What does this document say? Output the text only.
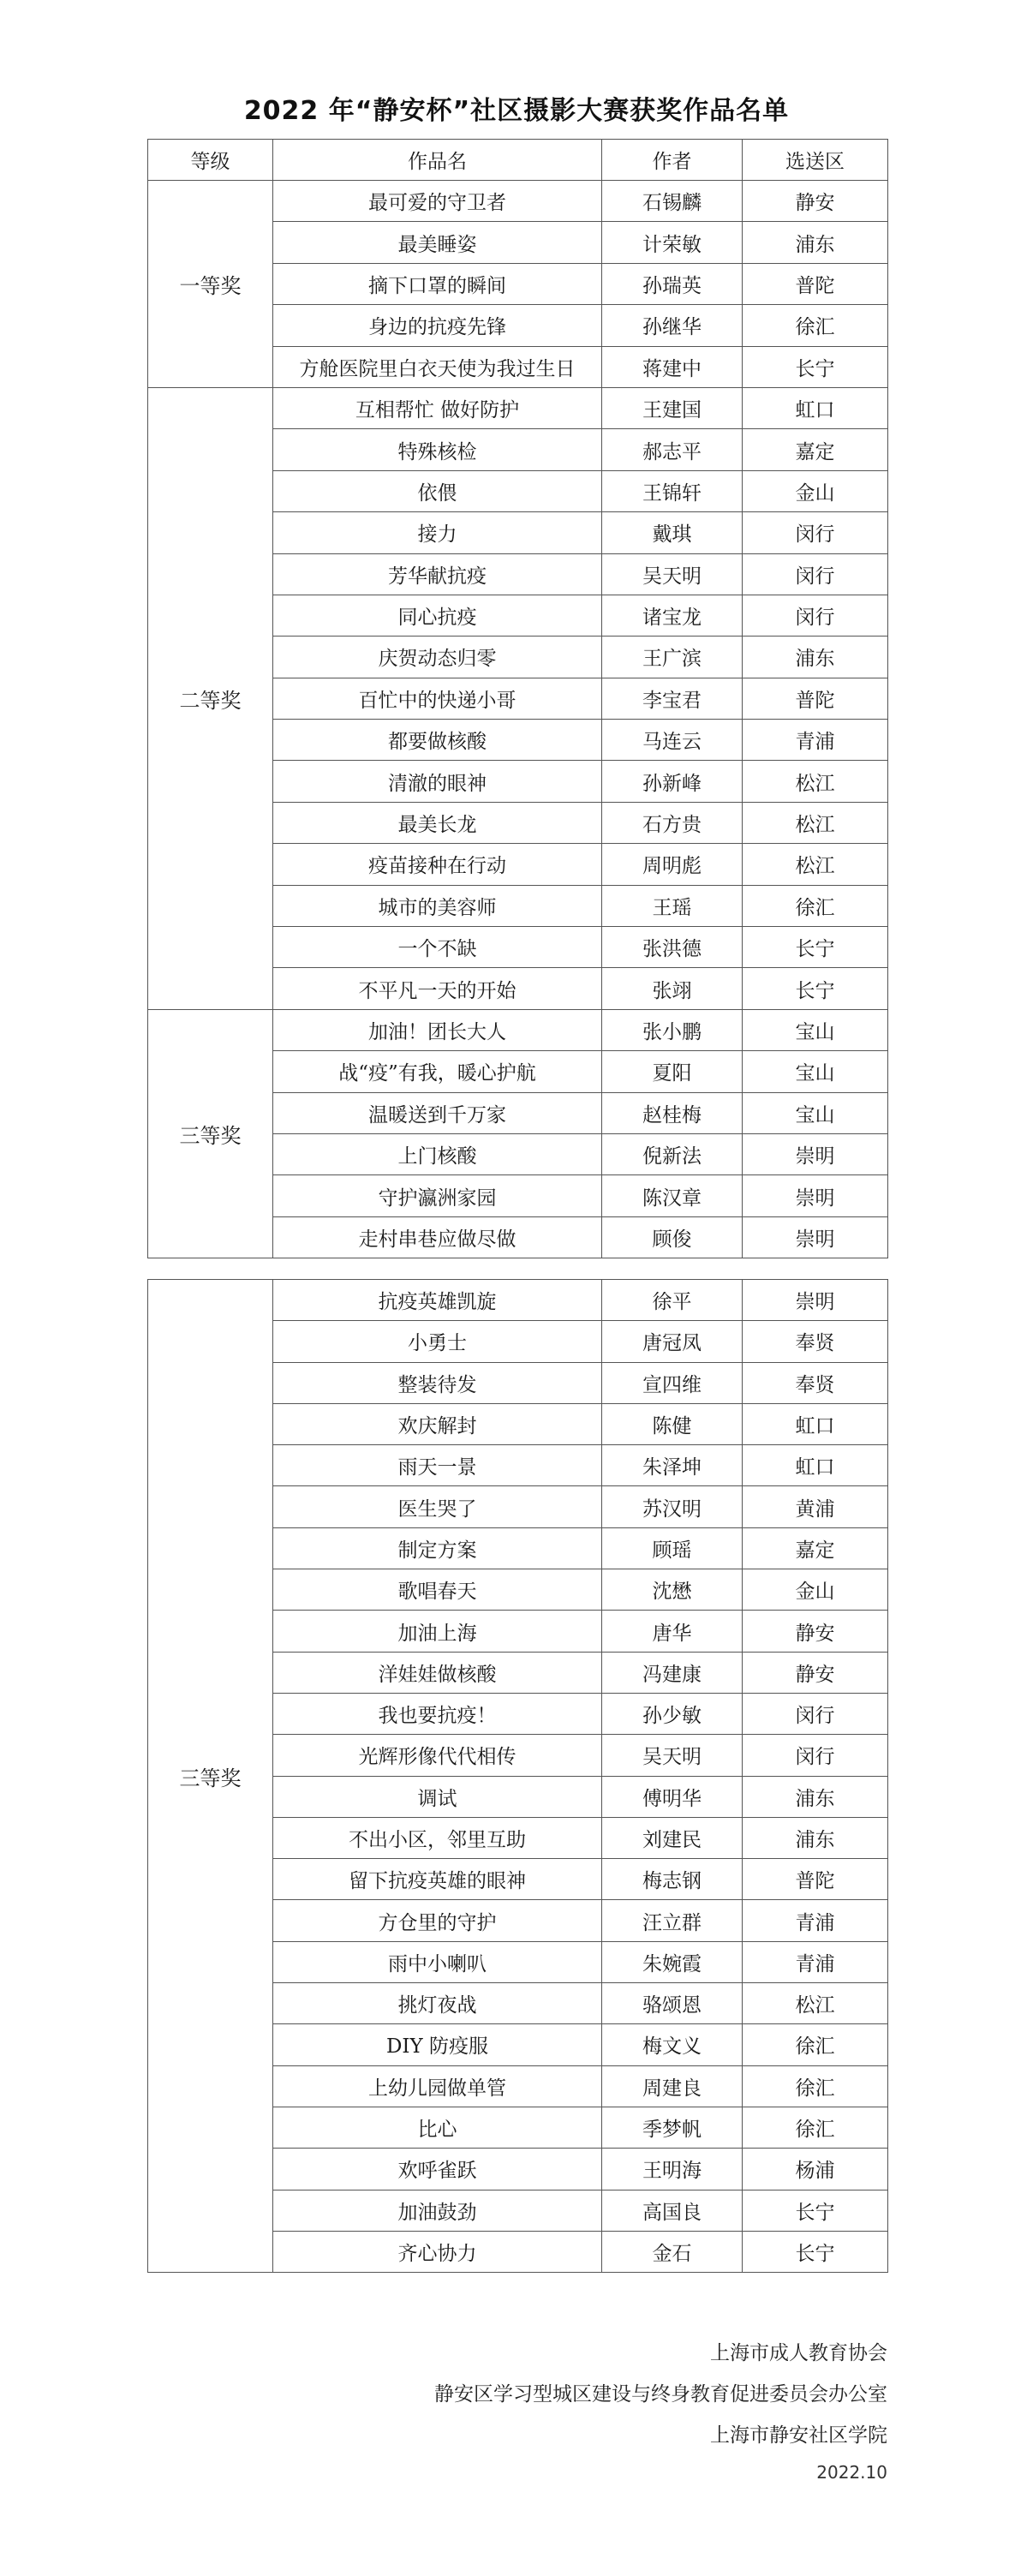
2022 年“静安杯”社区摄影大赛获奖作品名单
等级	作品名	作者	选送区
一等奖	最可爱的守卫者	石锡麟	静安
	最美睡姿	计荣敏	浦东
	摘下口罩的瞬间	孙瑞英	普陀
	身边的抗疫先锋	孙继华	徐汇
	方舱医院里白衣天使为我过生日	蒋建中	长宁
二等奖	互相帮忙 做好防护	王建国	虹口
	特殊核检	郝志平	嘉定
	依偎	王锦轩	金山
	接力	戴琪	闵行
	芳华献抗疫	吴天明	闵行
	同心抗疫	诸宝龙	闵行
	庆贺动态归零	王广滨	浦东
	百忙中的快递小哥	李宝君	普陀
	都要做核酸	马连云	青浦
	清澈的眼神	孙新峰	松江
	最美长龙	石方贵	松江
	疫苗接种在行动	周明彪	松江
	城市的美容师	王瑶	徐汇
	一个不缺	张洪德	长宁
	不平凡一天的开始	张翊	长宁
三等奖	加油！团长大人	张小鹏	宝山
	战“疫”有我，暖心护航	夏阳	宝山
	温暖送到千万家	赵桂梅	宝山
	上门核酸	倪新法	崇明
	守护瀛洲家园	陈汉章	崇明
	走村串巷应做尽做	顾俊	崇明
三等奖	抗疫英雄凯旋	徐平	崇明
	小勇士	唐冠凤	奉贤
	整装待发	宣四维	奉贤
	欢庆解封	陈健	虹口
	雨天一景	朱泽坤	虹口
	医生哭了	苏汉明	黄浦
	制定方案	顾瑶	嘉定
	歌唱春天	沈懋	金山
	加油上海	唐华	静安
	洋娃娃做核酸	冯建康	静安
	我也要抗疫！	孙少敏	闵行
	光辉形像代代相传	吴天明	闵行
	调试	傅明华	浦东
	不出小区，邻里互助	刘建民	浦东
	留下抗疫英雄的眼神	梅志钢	普陀
	方仓里的守护	汪立群	青浦
	雨中小喇叭	朱婉霞	青浦
	挑灯夜战	骆颂恩	松江
	DIY 防疫服	梅文义	徐汇
	上幼儿园做单管	周建良	徐汇
	比心	季梦帆	徐汇
	欢呼雀跃	王明海	杨浦
	加油鼓劲	高国良	长宁
	齐心协力	金石	长宁
上海市成人教育协会
静安区学习型城区建设与终身教育促进委员会办公室
上海市静安社区学院
2022.10
